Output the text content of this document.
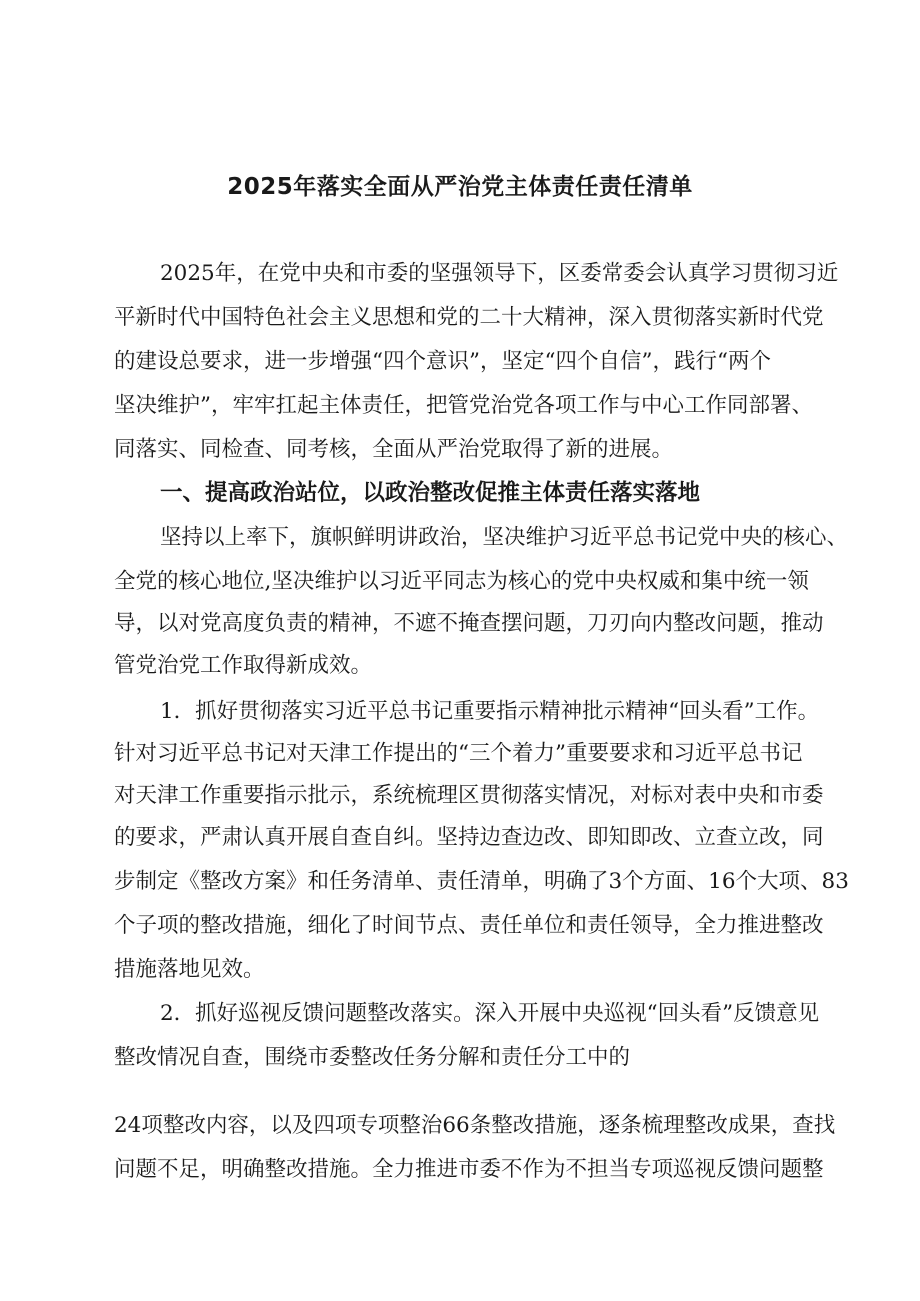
2025年落实全面从严治党主体责任责任清单
2025年，在党中央和市委的坚强领导下，区委常委会认真学习贯彻习近
平新时代中国特色社会主义思想和党的二十大精神，深入贯彻落实新时代党
的建设总要求，进一步增强“四个意识”，坚定“四个自信”，践行“两个
坚决维护”，牢牢扛起主体责任，把管党治党各项工作与中心工作同部署、
同落实、同检查、同考核，全面从严治党取得了新的进展。
一、提高政治站位，以政治整改促推主体责任落实落地
坚持以上率下，旗帜鲜明讲政治，坚决维护习近平总书记党中央的核心、
全党的核心地位,坚决维护以习近平同志为核心的党中央权威和集中统一领
导，以对党高度负责的精神，不遮不掩查摆问题，刀刃向内整改问题，推动
管党治党工作取得新成效。
1．抓好贯彻落实习近平总书记重要指示精神批示精神“回头看”工作。
针对习近平总书记对天津工作提出的“三个着力”重要要求和习近平总书记
对天津工作重要指示批示，系统梳理区贯彻落实情况，对标对表中央和市委
的要求，严肃认真开展自查自纠。坚持边查边改、即知即改、立查立改，同
步制定《整改方案》和任务清单、责任清单，明确了3个方面、16个大项、83
个子项的整改措施，细化了时间节点、责任单位和责任领导，全力推进整改
措施落地见效。
2．抓好巡视反馈问题整改落实。深入开展中央巡视“回头看”反馈意见
整改情况自查，围绕市委整改任务分解和责任分工中的
24项整改内容，以及四项专项整治66条整改措施，逐条梳理整改成果，查找
问题不足，明确整改措施。全力推进市委不作为不担当专项巡视反馈问题整
